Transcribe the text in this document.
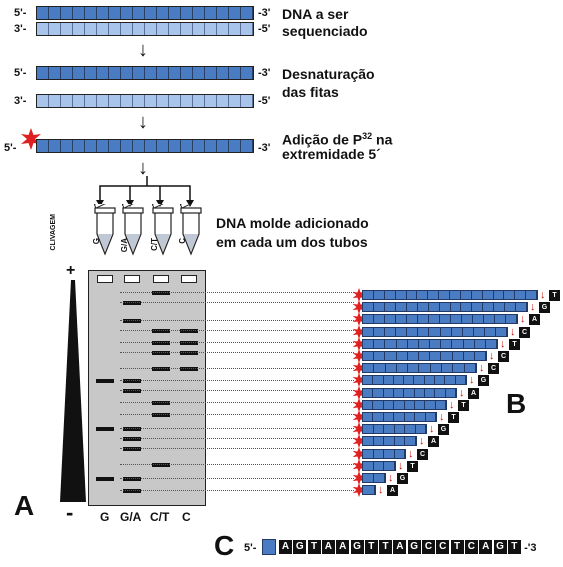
5'-	-3'
3'-	-5'
DNA a ser
sequenciado
↓
5'-	-3'
3'-	-5'
Desnaturação
das fitas
↓
5'-	-3'
Adição de $P^{32}$ na
extremidade 5´
↓
CLIVAGEM	G G/A	C/T C
DNA molde adicionado
em cada um dos tubos
+
- G G/A C/T C
↓ T
↓ G
↓ A
↓ C
↓ T
↓ C
↓ C
↓ G
↓ A
↓ T
↓ T
↓ G
↓ A
↓ C
↓ T
↓ G
↓ A
A
B
C 5'-	A G T A A G T T A G C C T C A G T -'3
